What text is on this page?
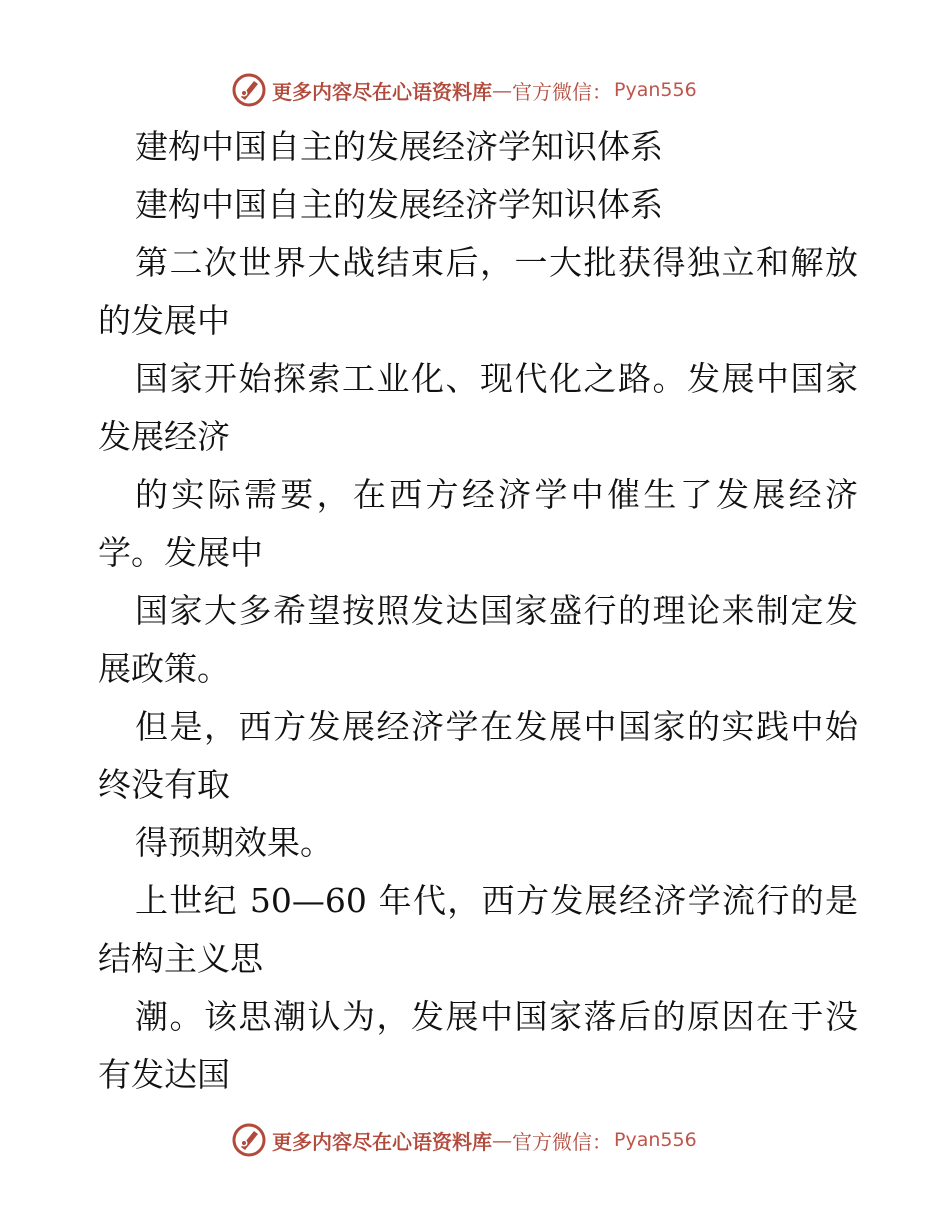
更多内容尽在心语资料库 — 官方微信： Pyan556

建构中国自主的发展经济学知识体系

建构中国自主的发展经济学知识体系

第二次世界大战结束后，一大批获得独立和解放的发展中

国家开始探索工业化、现代化之路。发展中国家发展经济

的实际需要，在西方经济学中催生了发展经济学。发展中

国家大多希望按照发达国家盛行的理论来制定发展政策。

但是，西方发展经济学在发展中国家的实践中始终没有取

得预期效果。

上世纪 50—60 年代，西方发展经济学流行的是结构主义思

潮。该思潮认为，发展中国家落后的原因在于没有发达国

更多内容尽在心语资料库 — 官方微信： Pyan556
